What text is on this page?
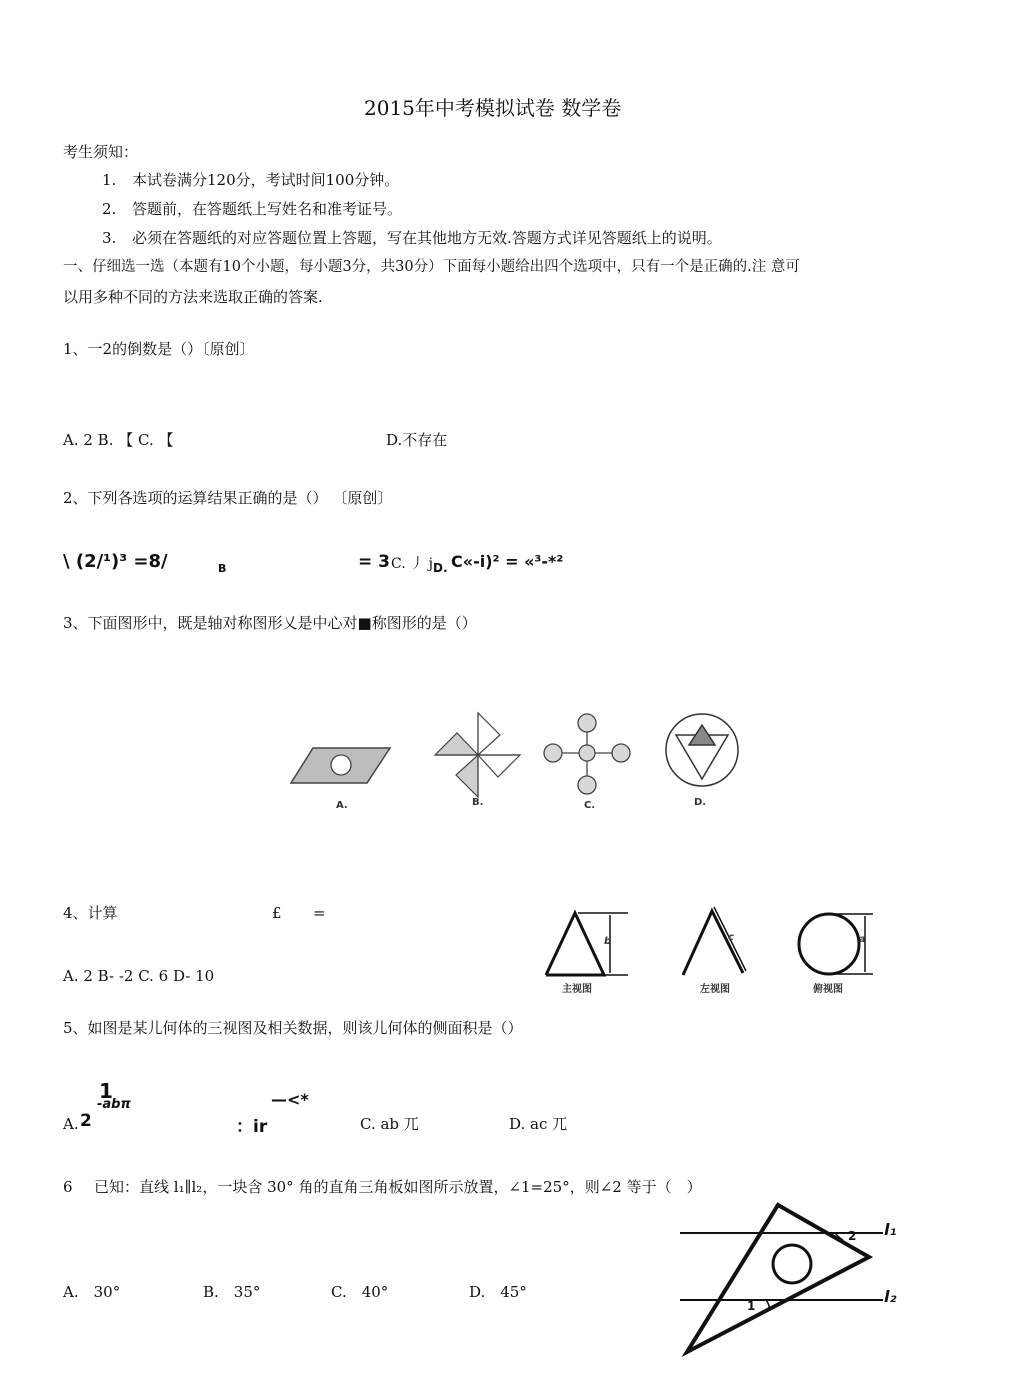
2015年中考模拟试卷 数学卷
考生须知：
1. 本试卷满分120分，考试时间100分钟。
2. 答题前，在答题纸上写姓名和准考证号。
3. 必须在答题纸的对应答题位置上答题，写在其他地方无效.答题方式详见答题纸上的说明。
一、仔细选一选（本题有10个小题，每小题3分，共30分）下面每小题给出四个选项中，只有一个是正确的.注 意可
以用多种不同的方法来选取正确的答案.
1、一2的倒数是（）〔原创〕
A. 2 B. 【 C. 【	D.不存在
2、下列各选项的运算结果正确的是（） 〔原创〕
\ (2/¹)³ =8/	B	= 3 C. 丿 j D. C«-i)² = «³-*²
3、下面图形中，既是轴对称图形乂是中心对■称图形的是（）
A.	B.	C.	D.
4、计算	£ =
A. 2 B- -2 C. 6 D- 10
b	c	a
主视图	左视图	俯视图
5、如图是某儿何体的三视图及相关数据，则该儿何体的侧面积是（）
A. 2
1
-abπ	—<*
：ir	C. ab 兀	D. ac 兀
6 已知：直线 l₁∥l₂，一块含 30° 角的直角三角板如图所示放置，∠1=25°，则∠2 等于（　）
A.　30°	B.　35°	C.　40°	D.　45°
l₁
l₂
2
1
